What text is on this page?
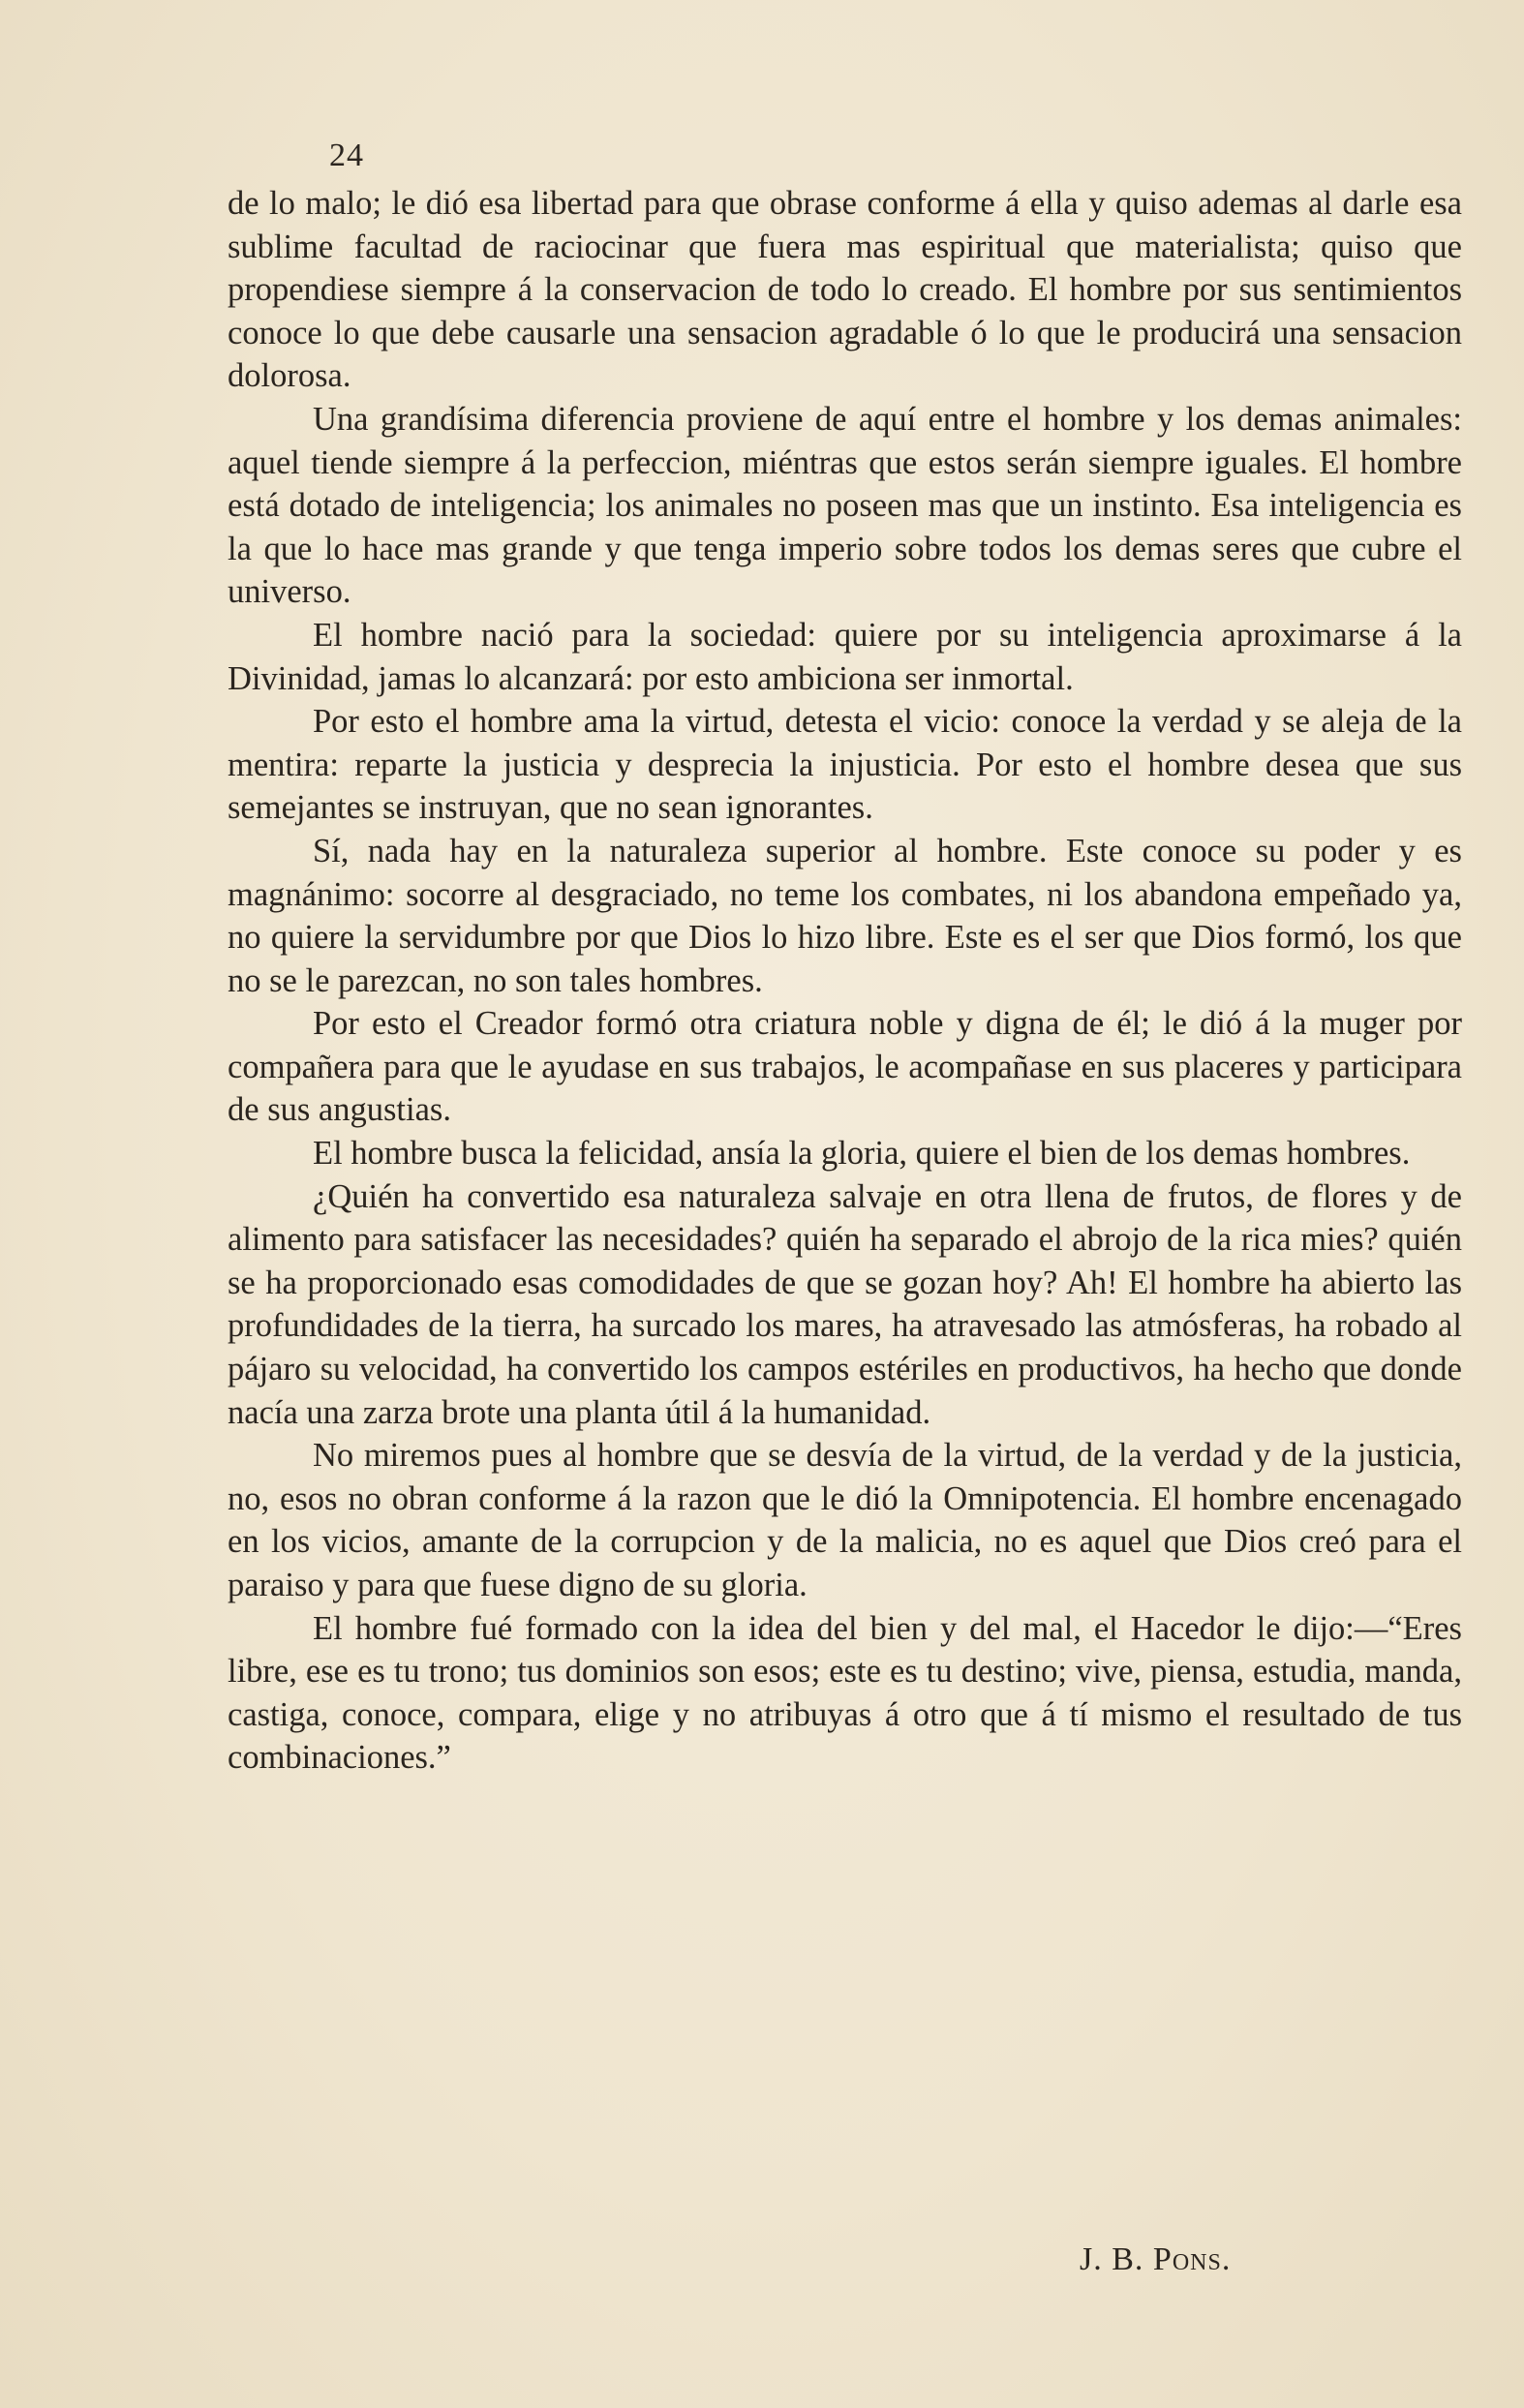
24

de lo malo; le dió esa libertad para que obrase conforme á ella y quiso ademas al darle esa sublime facultad de raciocinar que fuera mas espiritual que materialista; quiso que propendiese siempre á la conservacion de todo lo creado. El hombre por sus sentimientos conoce lo que debe causarle una sensacion agradable ó lo que le producirá una sensacion dolorosa.

Una grandísima diferencia proviene de aquí entre el hombre y los demas animales: aquel tiende siempre á la perfeccion, miéntras que estos serán siempre iguales. El hombre está dotado de inteligencia; los animales no poseen mas que un instinto. Esa inteligencia es la que lo hace mas grande y que tenga imperio sobre todos los demas seres que cubre el universo.

El hombre nació para la sociedad: quiere por su inteligencia aproximarse á la Divinidad, jamas lo alcanzará: por esto ambiciona ser inmortal.

Por esto el hombre ama la virtud, detesta el vicio: conoce la verdad y se aleja de la mentira: reparte la justicia y desprecia la injusticia. Por esto el hombre desea que sus semejantes se instruyan, que no sean ignorantes.

Sí, nada hay en la naturaleza superior al hombre. Este conoce su poder y es magnánimo: socorre al desgraciado, no teme los combates, ni los abandona empeñado ya, no quiere la servidumbre por que Dios lo hizo libre. Este es el ser que Dios formó, los que no se le parezcan, no son tales hombres.

Por esto el Creador formó otra criatura noble y digna de él; le dió á la muger por compañera para que le ayudase en sus trabajos, le acompañase en sus placeres y participara de sus angustias.

El hombre busca la felicidad, ansía la gloria, quiere el bien de los demas hombres.

¿Quién ha convertido esa naturaleza salvaje en otra llena de frutos, de flores y de alimento para satisfacer las necesidades? quién ha separado el abrojo de la rica mies? quién se ha proporcionado esas comodidades de que se gozan hoy? Ah! El hombre ha abierto las profundidades de la tierra, ha surcado los mares, ha atravesado las atmósferas, ha robado al pájaro su velocidad, ha convertido los campos estériles en productivos, ha hecho que donde nacía una zarza brote una planta útil á la humanidad.

No miremos pues al hombre que se desvía de la virtud, de la verdad y de la justicia, no, esos no obran conforme á la razon que le dió la Omnipotencia. El hombre encenagado en los vicios, amante de la corrupcion y de la malicia, no es aquel que Dios creó para el paraiso y para que fuese digno de su gloria.

El hombre fué formado con la idea del bien y del mal, el Hacedor le dijo:—“Eres libre, ese es tu trono; tus dominios son esos; este es tu destino; vive, piensa, estudia, manda, castiga, conoce, compara, elige y no atribuyas á otro que á tí mismo el resultado de tus combinaciones.”

J. B. Pons.
